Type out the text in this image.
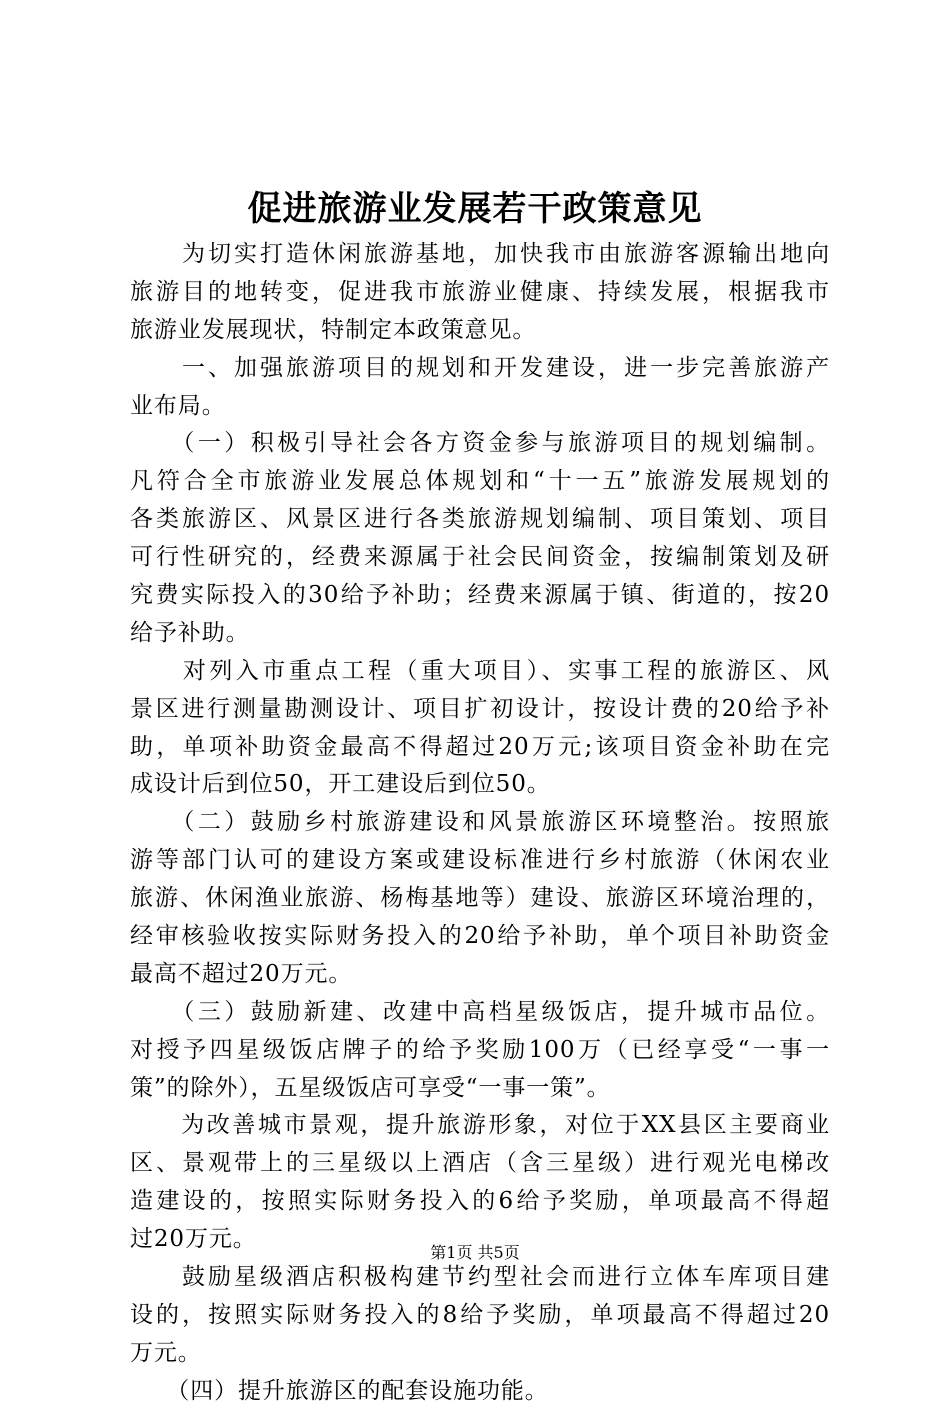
促进旅游业发展若干政策意见
　　为切实打造休闲旅游基地，加快我市由旅游客源输出地向
旅游目的地转变，促进我市旅游业健康、持续发展，根据我市
旅游业发展现状，特制定本政策意见。
　　一、加强旅游项目的规划和开发建设，进一步完善旅游产
业布局。
　　（一）积极引导社会各方资金参与旅游项目的规划编制。
凡符合全市旅游业发展总体规划和“十一五”旅游发展规划的
各类旅游区、风景区进行各类旅游规划编制、项目策划、项目
可行性研究的，经费来源属于社会民间资金，按编制策划及研
究费实际投入的30给予补助；经费来源属于镇、街道的，按20
给予补助。
　　对列入市重点工程（重大项目）、实事工程的旅游区、风
景区进行测量勘测设计、项目扩初设计，按设计费的20给予补
助，单项补助资金最高不得超过20万元;该项目资金补助在完
成设计后到位50，开工建设后到位50。
　　（二）鼓励乡村旅游建设和风景旅游区环境整治。按照旅
游等部门认可的建设方案或建设标准进行乡村旅游（休闲农业
旅游、休闲渔业旅游、杨梅基地等）建设、旅游区环境治理的，
经审核验收按实际财务投入的20给予补助，单个项目补助资金
最高不超过20万元。
　　（三）鼓励新建、改建中高档星级饭店，提升城市品位。
对授予四星级饭店牌子的给予奖励100万（已经享受“一事一
策”的除外），五星级饭店可享受“一事一策”。
　　为改善城市景观，提升旅游形象，对位于XX县区主要商业
区、景观带上的三星级以上酒店（含三星级）进行观光电梯改
造建设的，按照实际财务投入的6给予奖励，单项最高不得超
过20万元。
　　鼓励星级酒店积极构建节约型社会而进行立体车库项目建
设的，按照实际财务投入的8给予奖励，单项最高不得超过20
万元。
　　（四）提升旅游区的配套设施功能。
第1页 共5页
